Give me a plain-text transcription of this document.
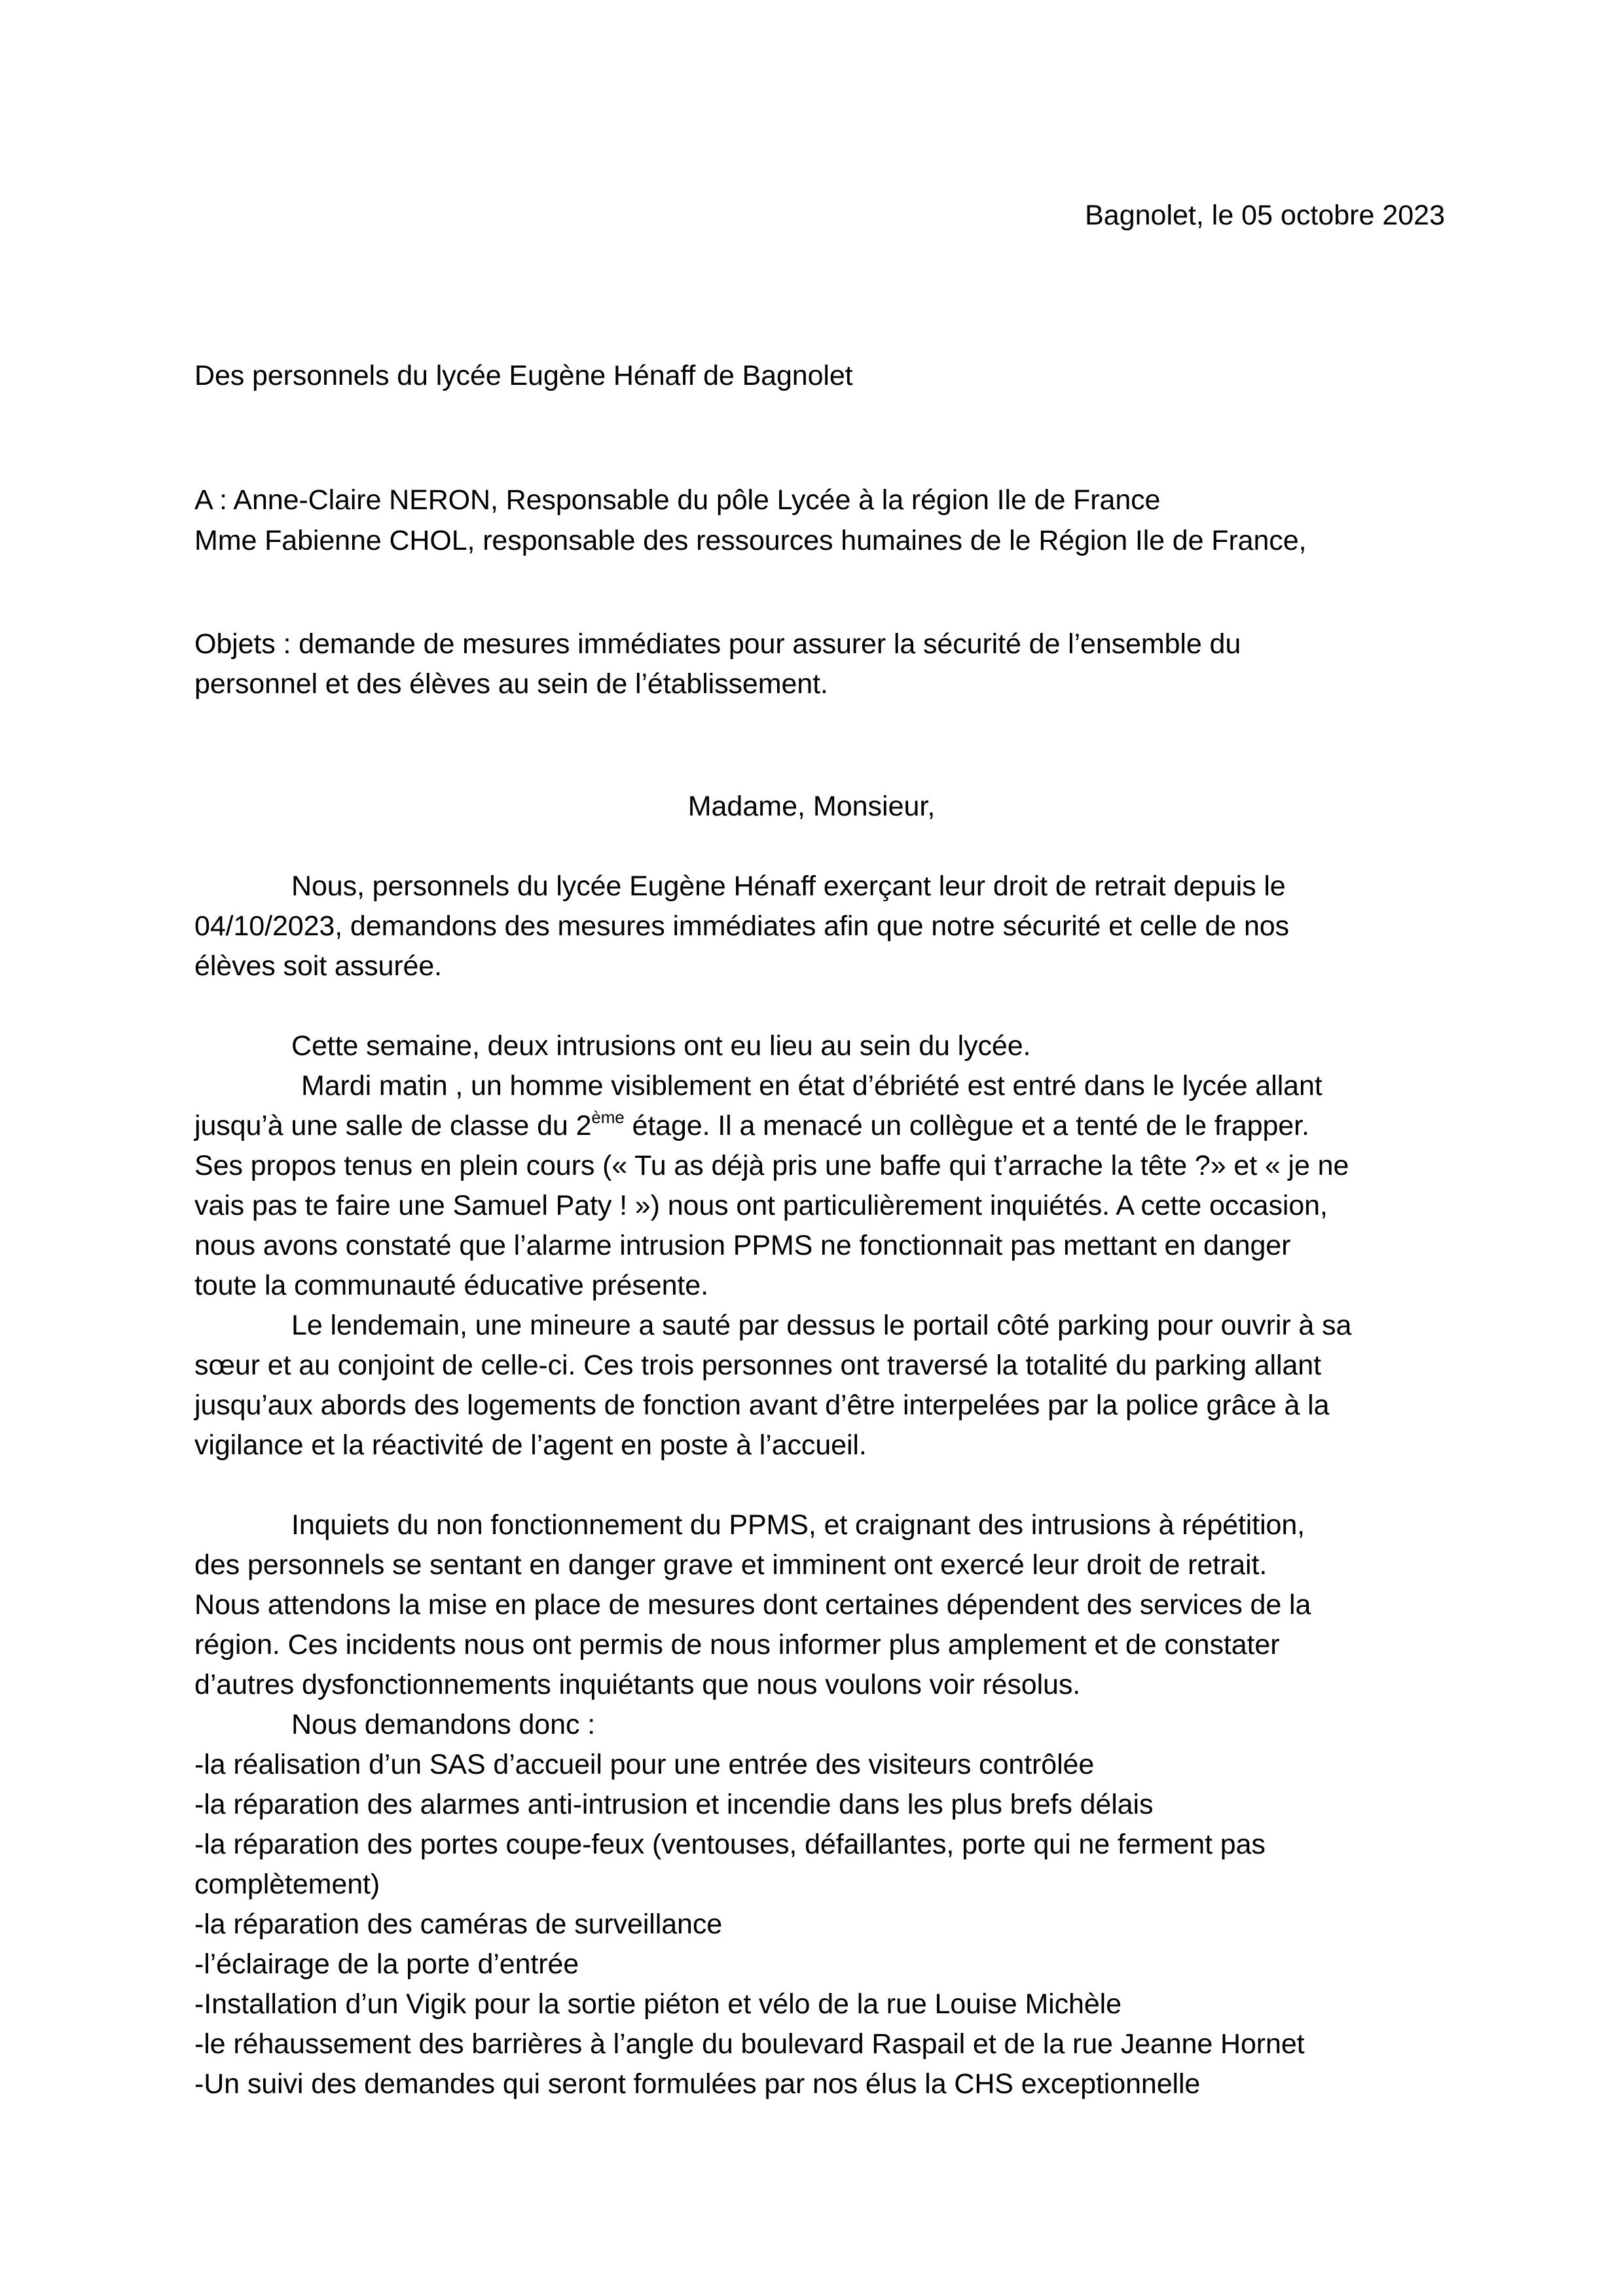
Bagnolet, le 05 octobre 2023
Des personnels du lycée Eugène Hénaff de Bagnolet
A : Anne-Claire NERON, Responsable du pôle Lycée à la région Ile de France
Mme Fabienne CHOL, responsable des ressources humaines de le Région Ile de France,
Objets : demande de mesures immédiates pour assurer la sécurité de l’ensemble du
personnel et des élèves au sein de l’établissement.
Madame, Monsieur,
Nous, personnels du lycée Eugène Hénaff exerçant leur droit de retrait depuis le
04/10/2023, demandons des mesures immédiates afin que notre sécurité et celle de nos
élèves soit assurée.
Cette semaine, deux intrusions ont eu lieu au sein du lycée.
Mardi matin , un homme visiblement en état d’ébriété est entré dans le lycée allant
jusqu’à une salle de classe du 2ème étage. Il a menacé un collègue et a tenté de le frapper.
Ses propos tenus en plein cours (« Tu as déjà pris une baffe qui t’arrache la tête ?» et « je ne
vais pas te faire une Samuel Paty ! ») nous ont particulièrement inquiétés. A cette occasion,
nous avons constaté que l’alarme intrusion PPMS ne fonctionnait pas mettant en danger
toute la communauté éducative présente.
Le lendemain, une mineure a sauté par dessus le portail côté parking pour ouvrir à sa
sœur et au conjoint de celle-ci. Ces trois personnes ont traversé la totalité du parking allant
jusqu’aux abords des logements de fonction avant d’être interpelées par la police grâce à la
vigilance et la réactivité de l’agent en poste à l’accueil.
Inquiets du non fonctionnement du PPMS, et craignant des intrusions à répétition,
des personnels se sentant en danger grave et imminent ont exercé leur droit de retrait.
Nous attendons la mise en place de mesures dont certaines dépendent des services de la
région. Ces incidents nous ont permis de nous informer plus amplement et de constater
d’autres dysfonctionnements inquiétants que nous voulons voir résolus.
Nous demandons donc :
-la réalisation d’un SAS d’accueil pour une entrée des visiteurs contrôlée
-la réparation des alarmes anti-intrusion et incendie dans les plus brefs délais
-la réparation des portes coupe-feux (ventouses, défaillantes, porte qui ne ferment pas
complètement)
-la réparation des caméras de surveillance
-l’éclairage de la porte d’entrée
-Installation d’un Vigik pour la sortie piéton et vélo de la rue Louise Michèle
-le réhaussement des barrières à l’angle du boulevard Raspail et de la rue Jeanne Hornet
-Un suivi des demandes qui seront formulées par nos élus la CHS exceptionnelle
